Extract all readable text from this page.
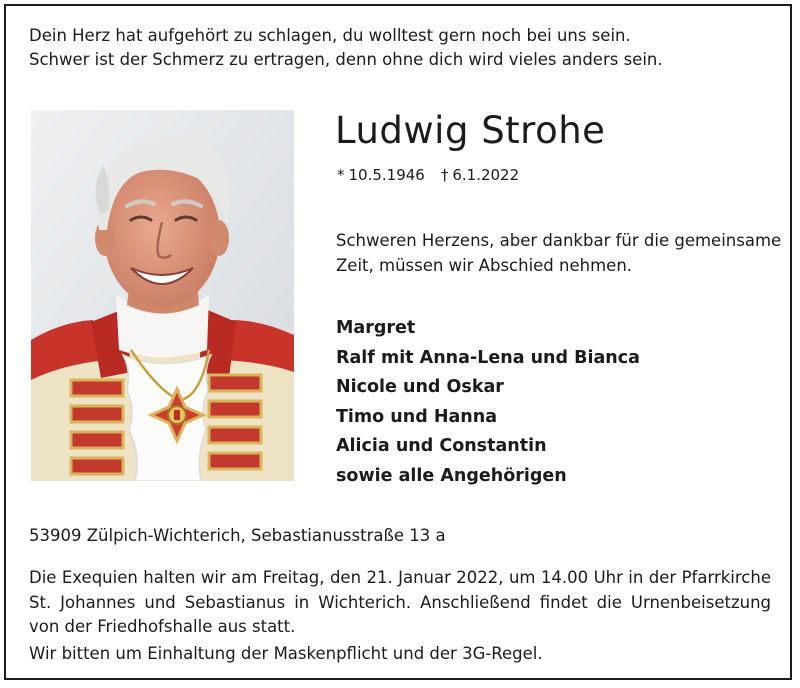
Dein Herz hat aufgehört zu schlagen, du wolltest gern noch bei uns sein.
Schwer ist der Schmerz zu ertragen, denn ohne dich wird vieles anders sein.
Ludwig Strohe
* 10.5.1946 † 6.1.2022
Schweren Herzens, aber dankbar für die gemeinsame
Zeit, müssen wir Abschied nehmen.
Margret
Ralf mit Anna-Lena und Bianca
Nicole und Oskar
Timo und Hanna
Alicia und Constantin
sowie alle Angehörigen
53909 Zülpich-Wichterich, Sebastianusstraße 13 a
Die Exequien halten wir am Freitag, den 21. Januar 2022, um 14.00 Uhr in der Pfarrkirche
St. Johannes und Sebastianus in Wichterich. Anschließend findet die Urnenbeisetzung
von der Friedhofshalle aus statt.
Wir bitten um Einhaltung der Maskenpflicht und der 3G-Regel.
